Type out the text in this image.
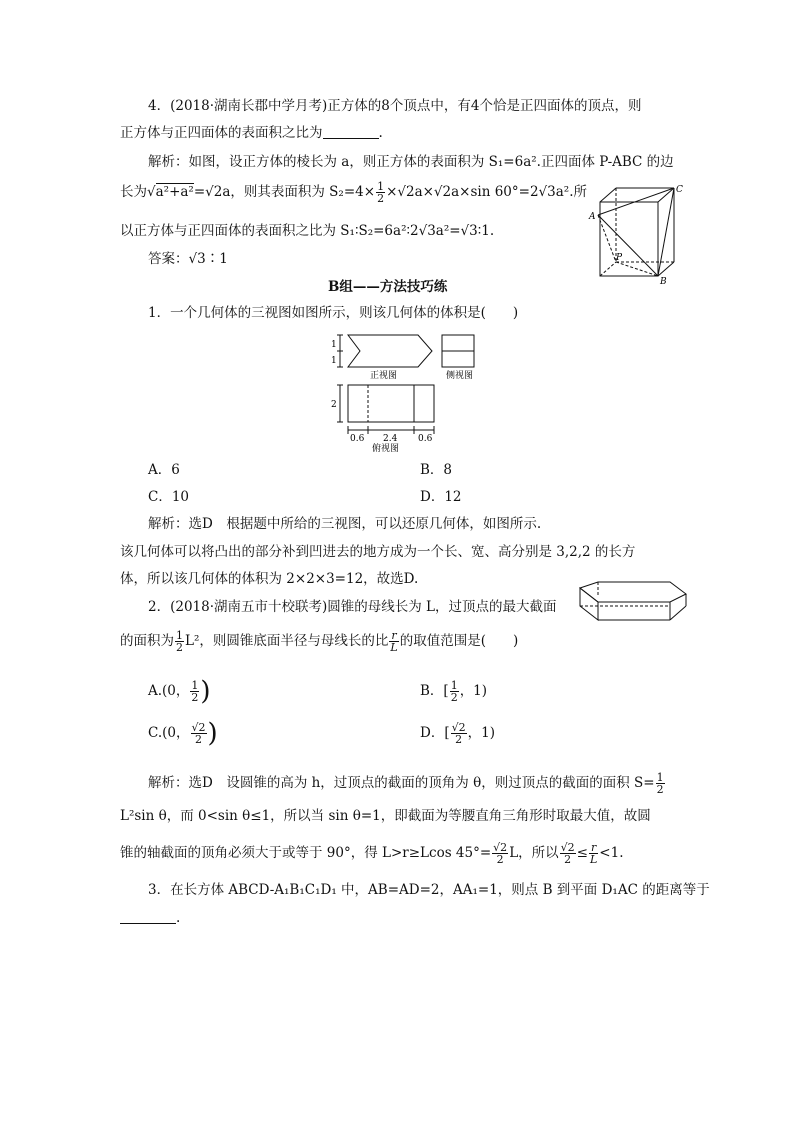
4．(2018·湖南长郡中学月考)正方体的8个顶点中，有4个恰是正四面体的顶点，则
正方体与正四面体的表面积之比为	.
解析：如图，设正方体的棱长为 a，则正方体的表面积为 S₁=6a².正四面体 P-ABC 的边
长为√a²+a²=√2a，则其表面积为 $S_2=4\times \frac{1}{2} \times√2a\times√2a\times\sin$ 60°=2√3a².所
以正方体与正四面体的表面积之比为 S₁∶S₂=6a²∶2√3a²=√3∶1.
答案：√3∶1
A
C
B
P
B组——方法技巧练
1．一个几何体的三视图如图所示，则该几何体的体积是(　　)
1
1
2
正视图	侧视图
0.6 2.4 0.6
俯视图
A．6	B．8
C．10	D．12
解析：选D　根据题中所给的三视图，可以还原几何体，如图所示.
该几何体可以将凸出的部分补到凹进去的地方成为一个长、宽、高分别是 3,2,2 的长方
体，所以该几何体的体积为 2×2×3=12，故选D.
2．(2018·湖南五市十校联考)圆锥的母线长为 L，过顶点的最大截面
的面积为 $\frac{1}{2} L^2$，则圆锥底面半径与母线长的比 $\frac{r}{L}$ 的取值范围是(　　)
A.(0， $\frac{1}{2}$ )	B．[ $\frac{1}{2}$ ，1)
C.(0， $\frac{√2}{2}$ )	D．[ $\frac{√2}{2}$ ，1)
解析：选D　设圆锥的高为 h，过顶点的截面的顶角为 θ，则过顶点的截面的面积 $S= \frac{1}{2}$
L²sin θ，而 0<sin θ≤1，所以当 sin θ=1，即截面为等腰直角三角形时取最大值，故圆
锥的轴截面的顶角必须大于或等于 90°，得 L>r≥Lcos $45^\circ= \frac{√2}{2}$ L，所以 $\frac{√2}{2} \le \frac{r}{L} <1$.
3．在长方体 ABCD-A₁B₁C₁D₁ 中，AB=AD=2，AA₁=1，则点 B 到平面 D₁AC 的距离等于
.
